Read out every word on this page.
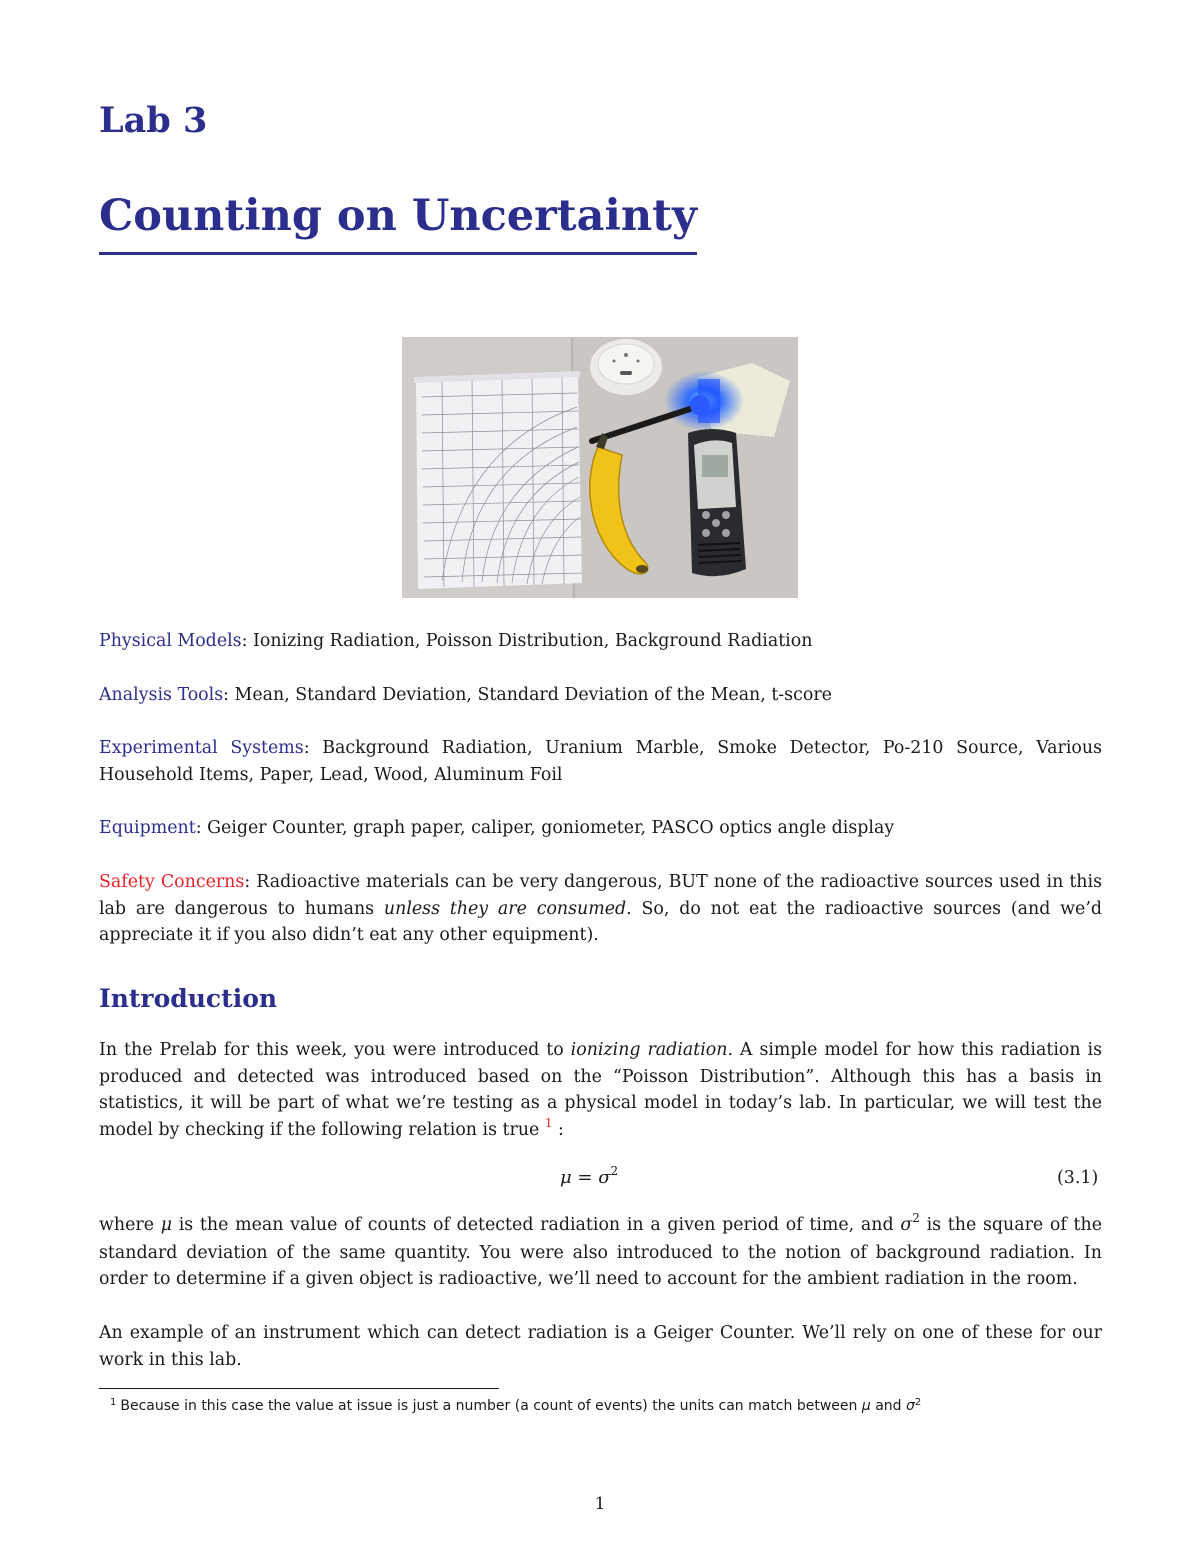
Lab 3
Counting on Uncertainty

Physical Models: Ionizing Radiation, Poisson Distribution, Background Radiation

Analysis Tools: Mean, Standard Deviation, Standard Deviation of the Mean, t-score

Experimental Systems: Background Radiation, Uranium Marble, Smoke Detector, Po-210 Source, Various Household Items, Paper, Lead, Wood, Aluminum Foil

Equipment: Geiger Counter, graph paper, caliper, goniometer, PASCO optics angle display

Safety Concerns: Radioactive materials can be very dangerous, BUT none of the radioactive sources used in this lab are dangerous to humans unless they are consumed. So, do not eat the radioactive sources (and we’d appreciate it if you also didn’t eat any other equipment).

Introduction

In the Prelab for this week, you were introduced to ionizing radiation. A simple model for how this radiation is produced and detected was introduced based on the “Poisson Distribution”. Although this has a basis in statistics, it will be part of what we’re testing as a physical model in today’s lab. In particular, we will test the model by checking if the following relation is true $^1$ :

$\mu = \sigma^2$	(3.1)

where μ is the mean value of counts of detected radiation in a given period of time, and $\sigma^2$ is the square of the standard deviation of the same quantity. You were also introduced to the notion of background radiation. In order to determine if a given object is radioactive, we’ll need to account for the ambient radiation in the room.

An example of an instrument which can detect radiation is a Geiger Counter. We’ll rely on one of these for our work in this lab.

$^1$ Because in this case the value at issue is just a number (a count of events) the units can match between μ and σ$^2$

1
